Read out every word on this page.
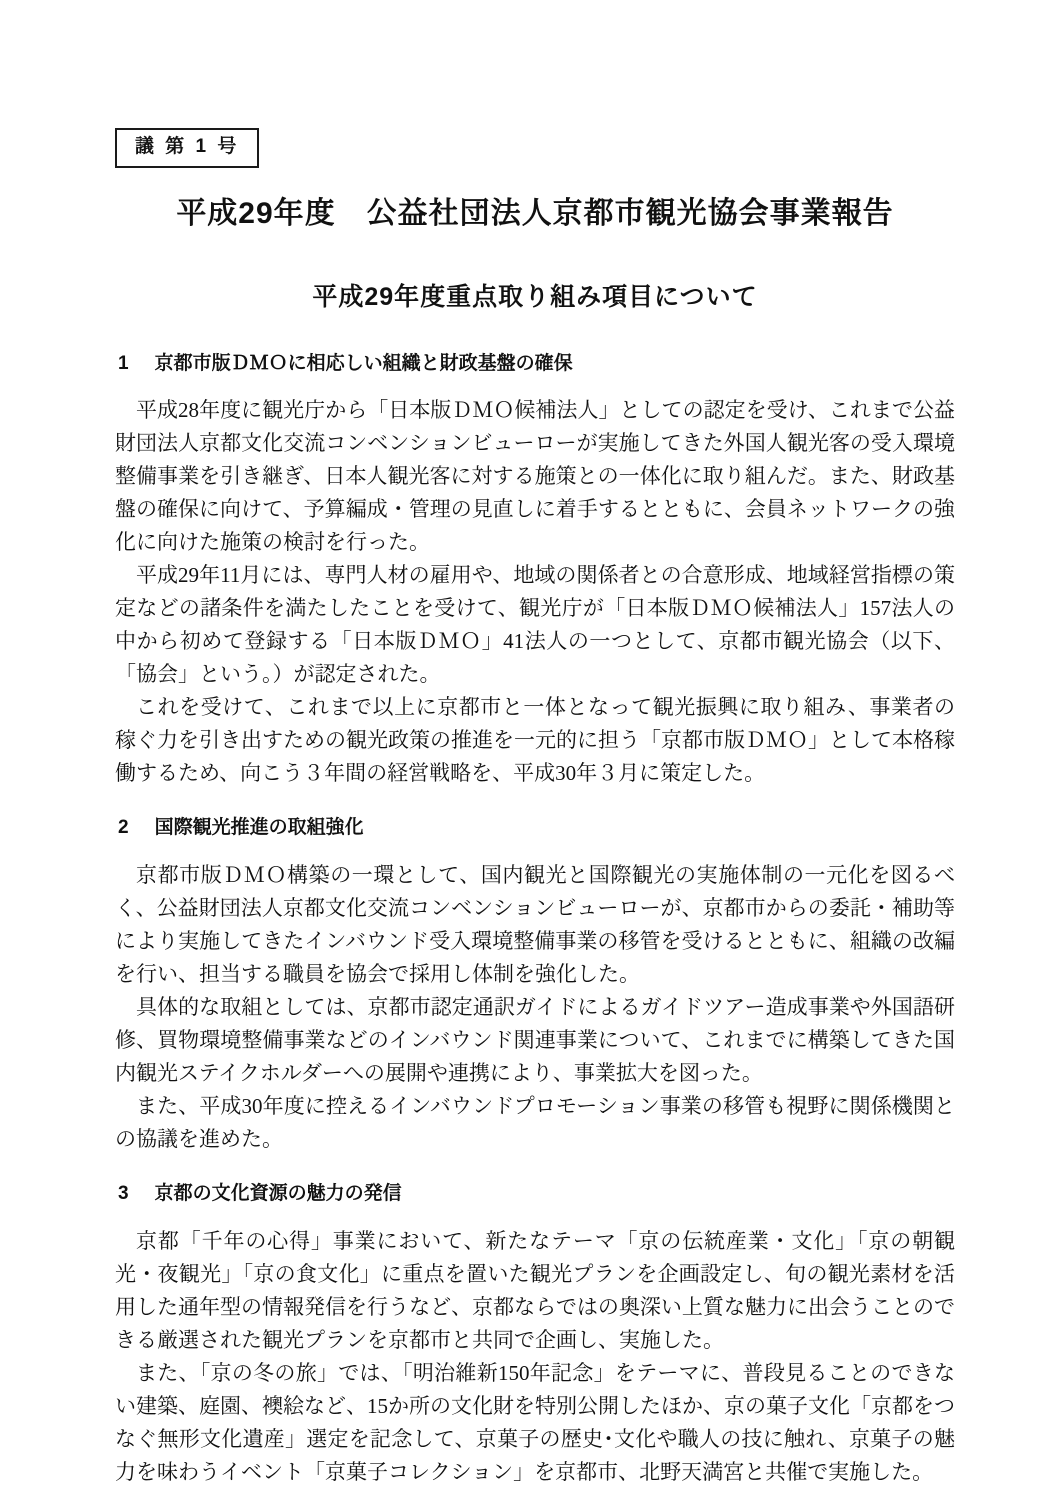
議 第 1 号
平成29年度　公益社団法人京都市観光協会事業報告
平成29年度重点取り組み項目について
1 京都市版ＤＭＯに相応しい組織と財政基盤の確保

平成28年度に観光庁から「日本版ＤＭＯ候補法人」としての認定を受け、これまで公益財団法人京都文化交流コンベンションビューローが実施してきた外国人観光客の受入環境整備事業を引き継ぎ、日本人観光客に対する施策との一体化に取り組んだ。また、財政基盤の確保に向けて、予算編成・管理の見直しに着手するとともに、会員ネットワークの強化に向けた施策の検討を行った。

平成29年11月には、専門人材の雇用や、地域の関係者との合意形成、地域経営指標の策定などの諸条件を満たしたことを受けて、観光庁が「日本版ＤＭＯ候補法人」157法人の中から初めて登録する「日本版ＤＭＯ」41法人の一つとして、京都市観光協会（以下、「協会」という。）が認定された。

これを受けて、これまで以上に京都市と一体となって観光振興に取り組み、事業者の稼ぐ力を引き出すための観光政策の推進を一元的に担う「京都市版ＤＭＯ」として本格稼働するため、向こう３年間の経営戦略を、平成30年３月に策定した。

2 国際観光推進の取組強化

京都市版ＤＭＯ構築の一環として、国内観光と国際観光の実施体制の一元化を図るべく、公益財団法人京都文化交流コンベンションビューローが、京都市からの委託・補助等により実施してきたインバウンド受入環境整備事業の移管を受けるとともに、組織の改編を行い、担当する職員を協会で採用し体制を強化した。

具体的な取組としては、京都市認定通訳ガイドによるガイドツアー造成事業や外国語研修、買物環境整備事業などのインバウンド関連事業について、これまでに構築してきた国内観光ステイクホルダーへの展開や連携により、事業拡大を図った。

また、平成30年度に控えるインバウンドプロモーション事業の移管も視野に関係機関との協議を進めた。

3 京都の文化資源の魅力の発信

京都「千年の心得」事業において、新たなテーマ「京の伝統産業・文化」「京の朝観光・夜観光」「京の食文化」に重点を置いた観光プランを企画設定し、旬の観光素材を活用した通年型の情報発信を行うなど、京都ならではの奥深い上質な魅力に出会うことのできる厳選された観光プランを京都市と共同で企画し、実施した。

また、「京の冬の旅」では、「明治維新150年記念」をテーマに、普段見ることのできない建築、庭園、襖絵など、15か所の文化財を特別公開したほか、京の菓子文化「京都をつなぐ無形文化遺産」選定を記念して、京菓子の歴史･文化や職人の技に触れ、京菓子の魅力を味わうイベント「京菓子コレクション」を京都市、北野天満宮と共催で実施した。
